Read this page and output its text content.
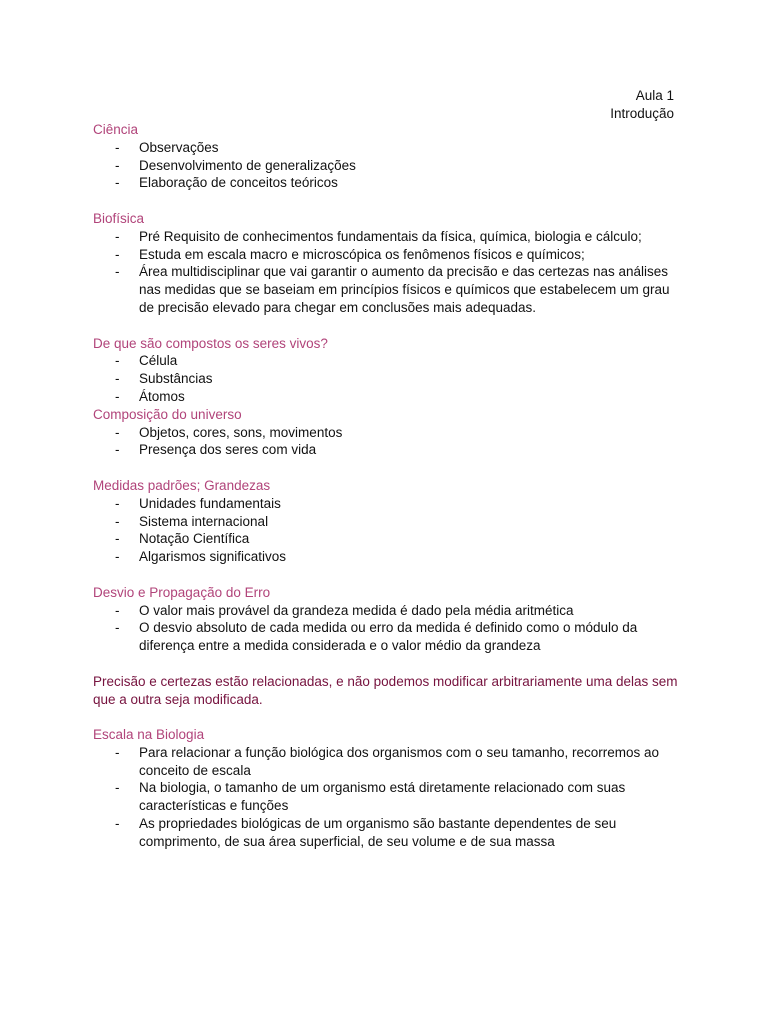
Aula 1
Introdução
Ciência
- Observações
- Desenvolvimento de generalizações
- Elaboração de conceitos teóricos
Biofísica
- Pré Requisito de conhecimentos fundamentais da física, química, biologia e cálculo;
- Estuda em escala macro e microscópica os fenômenos físicos e químicos;
- Área multidisciplinar que vai garantir o aumento da precisão e das certezas nas análises nas medidas que se baseiam em princípios físicos e químicos que estabelecem um grau de precisão elevado para chegar em conclusões mais adequadas.
De que são compostos os seres vivos?
- Célula
- Substâncias
- Átomos
Composição do universo
- Objetos, cores, sons, movimentos
- Presença dos seres com vida
Medidas padrões; Grandezas
- Unidades fundamentais
- Sistema internacional
- Notação Científica
- Algarismos significativos
Desvio e Propagação do Erro
- O valor mais provável da grandeza medida é dado pela média aritmética
- O desvio absoluto de cada medida ou erro da medida é definido como o módulo da diferença entre a medida considerada e o valor médio da grandeza
Precisão e certezas estão relacionadas, e não podemos modificar arbitrariamente uma delas sem que a outra seja modificada.
Escala na Biologia
- Para relacionar a função biológica dos organismos com o seu tamanho, recorremos ao conceito de escala
- Na biologia, o tamanho de um organismo está diretamente relacionado com suas características e funções
- As propriedades biológicas de um organismo são bastante dependentes de seu comprimento, de sua área superficial, de seu volume e de sua massa
